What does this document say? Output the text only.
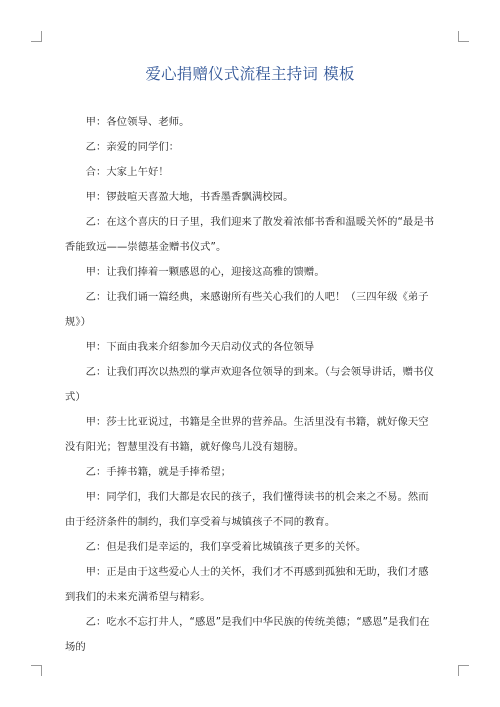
爱心捐赠仪式流程主持词 模板

甲：各位领导、老师。

乙：亲爱的同学们：

合：大家上午好！

甲：锣鼓喧天喜盈大地，书香墨香飘满校园。

乙：在这个喜庆的日子里，我们迎来了散发着浓郁书香和温暖关怀的“最是书香能致远——崇德基金赠书仪式”。

甲：让我们捧着一颗感恩的心，迎接这高雅的馈赠。

乙：让我们诵一篇经典，来感谢所有些关心我们的人吧！（三四年级《弟子规》）

甲：下面由我来介绍参加今天启动仪式的各位领导

乙：让我们再次以热烈的掌声欢迎各位领导的到来。（与会领导讲话，赠书仪式）

甲：莎士比亚说过，书籍是全世界的营养品。生活里没有书籍，就好像天空没有阳光；智慧里没有书籍，就好像鸟儿没有翅膀。

乙：手捧书籍，就是手捧希望；

甲：同学们，我们大都是农民的孩子，我们懂得读书的机会来之不易。然而由于经济条件的制约，我们享受着与城镇孩子不同的教育。

乙：但是我们是幸运的，我们享受着比城镇孩子更多的关怀。

甲：正是由于这些爱心人士的关怀，我们才不再感到孤独和无助，我们才感到我们的未来充满希望与精彩。

乙：吃水不忘打井人，“感恩”是我们中华民族的传统美德；“感恩”是我们在场的
